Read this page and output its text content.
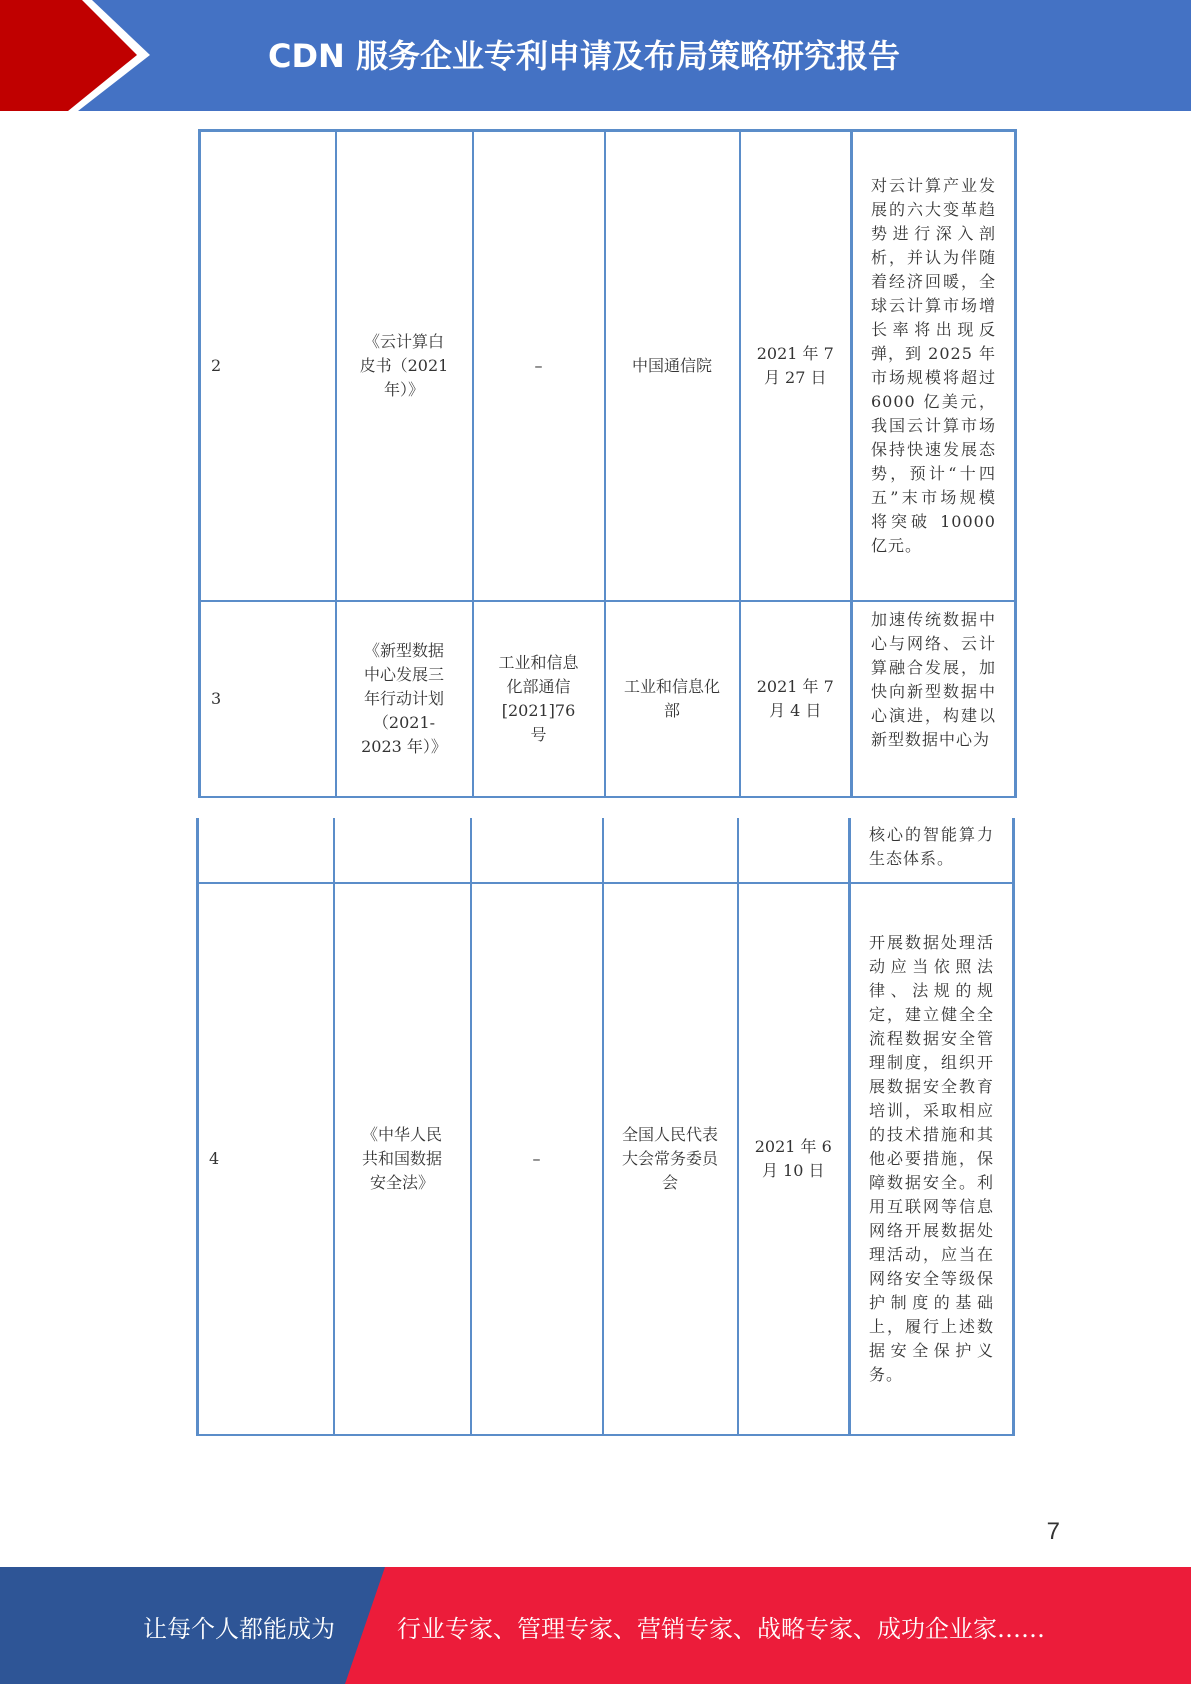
CDN 服务企业专利申请及布局策略研究报告
2	《云计算白皮书（2021年）》	–	中国通信院	2021 年 7 月 27 日	对云计算产业发展的六大变革趋势进行深入剖析，并认为伴随着经济回暖，全球云计算市场增长率将出现反弹，到 2025 年市场规模将超过 6000 亿美元，我国云计算市场保持快速发展态势，预计“十四五”末市场规模将突破 10000 亿元。
3	《新型数据中心发展三年行动计划（2021-2023 年）》	工业和信息化部通信[2021]76 号	工业和信息化部	2021 年 7 月 4 日	加速传统数据中心与网络、云计算融合发展，加快向新型数据中心演进，构建以新型数据中心为
					核心的智能算力生态体系。
4	《中华人民共和国数据安全法》	–	全国人民代表大会常务委员会	2021 年 6 月 10 日	开展数据处理活动应当依照法律、法规的规定，建立健全全流程数据安全管理制度，组织开展数据安全教育培训，采取相应的技术措施和其他必要措施，保障数据安全。利用互联网等信息网络开展数据处理活动，应当在网络安全等级保护制度的基础上，履行上述数据安全保护义务。
7
让每个人都能成为	行业专家、管理专家、营销专家、战略专家、成功企业家……
